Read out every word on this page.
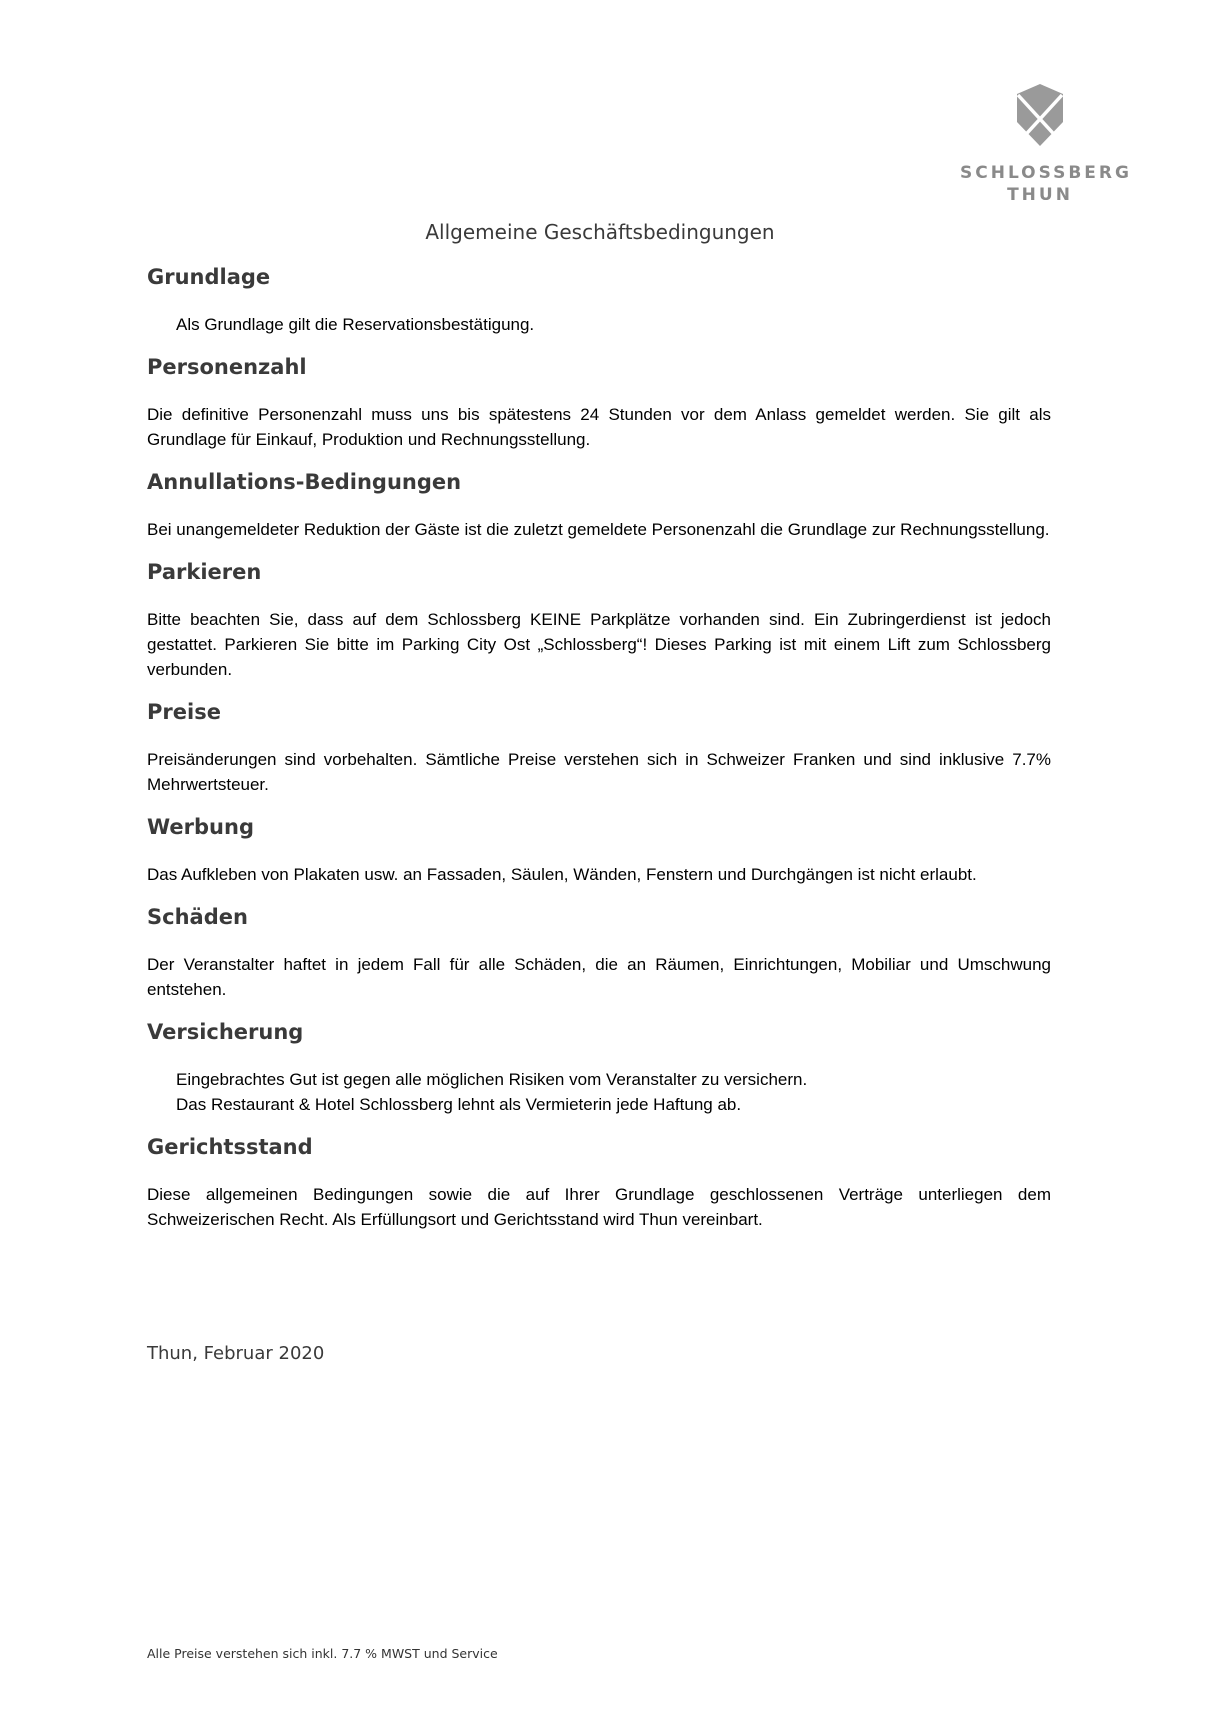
SCHLOSSBERG
THUN
Allgemeine Geschäftsbedingungen
Grundlage

Als Grundlage gilt die Reservationsbestätigung.

Personenzahl

Die definitive Personenzahl muss uns bis spätestens 24 Stunden vor dem Anlass gemeldet werden. Sie gilt als Grundlage für Einkauf, Produktion und Rechnungsstellung.

Annullations-Bedingungen

Bei unangemeldeter Reduktion der Gäste ist die zuletzt gemeldete Personenzahl die Grundlage zur Rechnungsstellung.

Parkieren

Bitte beachten Sie, dass auf dem Schlossberg KEINE Parkplätze vorhanden sind. Ein Zubringerdienst ist jedoch gestattet. Parkieren Sie bitte im Parking City Ost „Schlossberg“! Dieses Parking ist mit einem Lift zum Schlossberg verbunden.

Preise

Preisänderungen sind vorbehalten. Sämtliche Preise verstehen sich in Schweizer Franken und sind inklusive 7.7% Mehrwertsteuer.

Werbung

Das Aufkleben von Plakaten usw. an Fassaden, Säulen, Wänden, Fenstern und Durchgängen ist nicht erlaubt.

Schäden

Der Veranstalter haftet in jedem Fall für alle Schäden, die an Räumen, Einrichtungen, Mobiliar und Umschwung entstehen.

Versicherung

Eingebrachtes Gut ist gegen alle möglichen Risiken vom Veranstalter zu versichern.
Das Restaurant & Hotel Schlossberg lehnt als Vermieterin jede Haftung ab.

Gerichtsstand

Diese allgemeinen Bedingungen sowie die auf Ihrer Grundlage geschlossenen Verträge unterliegen dem Schweizerischen Recht. Als Erfüllungsort und Gerichtsstand wird Thun vereinbart.

Thun, Februar 2020
Alle Preise verstehen sich inkl. 7.7 % MWST und Service
